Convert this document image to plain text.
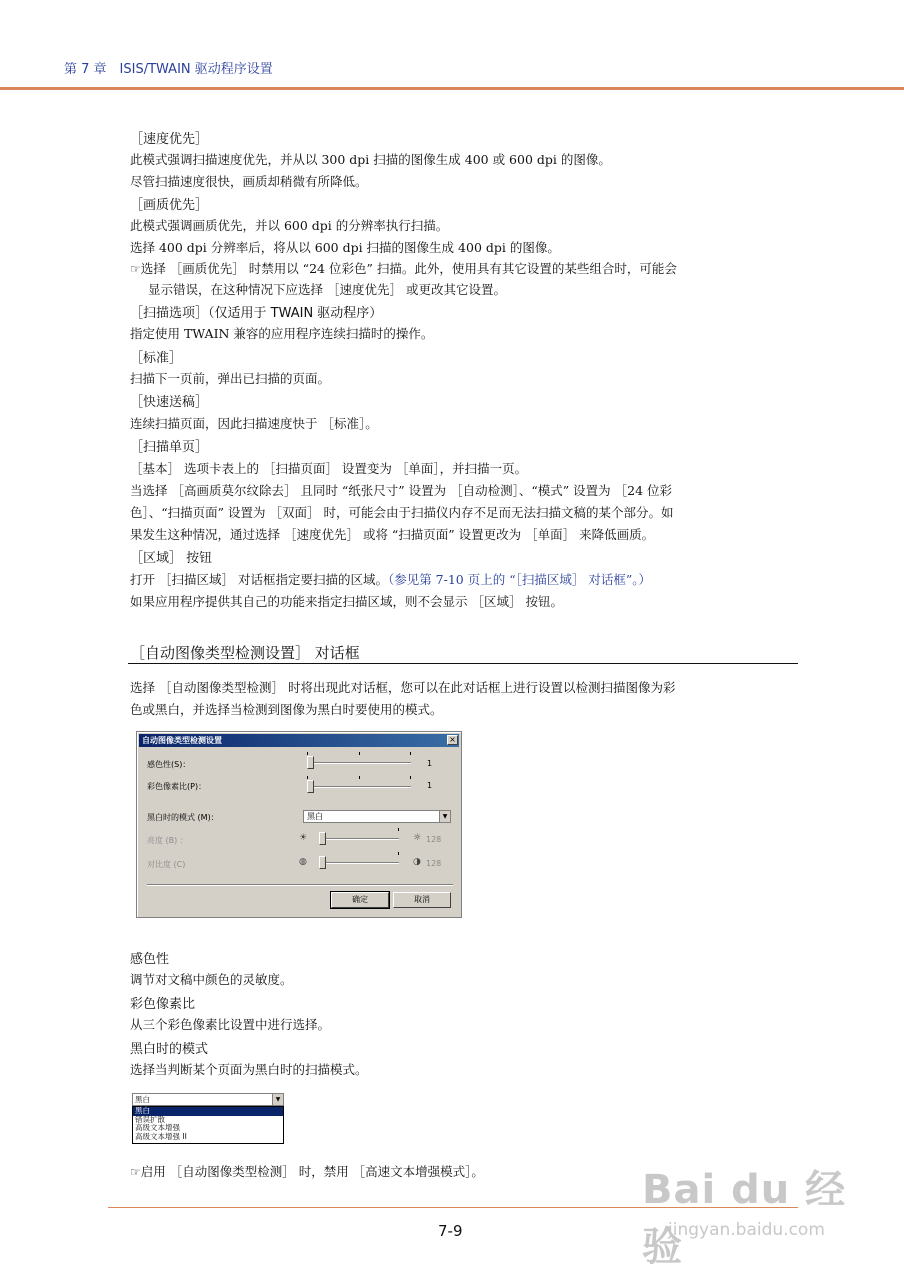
第 7 章　ISIS/TWAIN 驱动程序设置
［速度优先］
此模式强调扫描速度优先，并从以 300 dpi 扫描的图像生成 400 或 600 dpi 的图像。
尽管扫描速度很快，画质却稍微有所降低。
［画质优先］
此模式强调画质优先，并以 600 dpi 的分辨率执行扫描。
选择 400 dpi 分辨率后，将从以 600 dpi 扫描的图像生成 400 dpi 的图像。
☞选择 ［画质优先］ 时禁用以 “24 位彩色” 扫描。此外，使用具有其它设置的某些组合时，可能会
显示错误，在这种情况下应选择 ［速度优先］ 或更改其它设置。
［扫描选项］（仅适用于 TWAIN 驱动程序）
指定使用 TWAIN 兼容的应用程序连续扫描时的操作。
［标准］
扫描下一页前，弹出已扫描的页面。
［快速送稿］
连续扫描页面，因此扫描速度快于 ［标准］。
［扫描单页］
［基本］ 选项卡表上的 ［扫描页面］ 设置变为 ［单面］，并扫描一页。
当选择 ［高画质莫尔纹除去］ 且同时 “纸张尺寸” 设置为 ［自动检测］、“模式” 设置为 ［24 位彩
色］、“扫描页面” 设置为 ［双面］ 时，可能会由于扫描仪内存不足而无法扫描文稿的某个部分。如
果发生这种情况，通过选择 ［速度优先］ 或将 “扫描页面” 设置更改为 ［单面］ 来降低画质。
［区域］ 按钮
打开 ［扫描区域］ 对话框指定要扫描的区域。（参见第 7-10 页上的 “［扫描区域］ 对话框”。）
如果应用程序提供其自己的功能来指定扫描区域，则不会显示 ［区域］ 按钮。
［自动图像类型检测设置］ 对话框
选择 ［自动图像类型检测］ 时将出现此对话框，您可以在此对话框上进行设置以检测扫描图像为彩
色或黑白，并选择当检测到图像为黑白时要使用的模式。
自动图像类型检测设置	×
感色性(S)：	1
彩色像素比(P)：	1
黑白时的模式 (M)：	黑白	▼
亮度 (B) ：	☀	☼ 128
对比度 (C)	◍	◑ 128
确定	取消
感色性
调节对文稿中颜色的灵敏度。
彩色像素比
从三个彩色像素比设置中进行选择。
黑白时的模式
选择当判断某个页面为黑白时的扫描模式。
黑白	▼
黑白
错误扩散
高级文本增强
高级文本增强 II
☞启用 ［自动图像类型检测］ 时，禁用 ［高速文本增强模式］。
7-9
Bai du 经验
jingyan.baidu.com
